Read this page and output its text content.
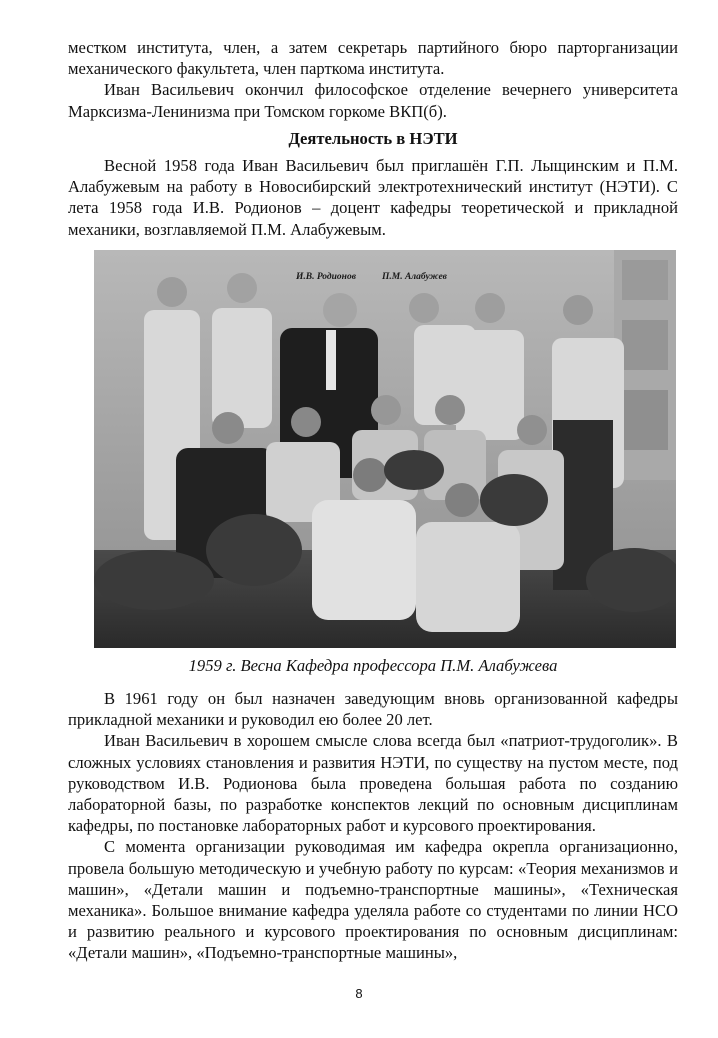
местком института, член, а затем секретарь партийного бюро парторганизации механического факультета, член парткома института.

Иван Васильевич окончил философское отделение вечернего университета Марксизма-Ленинизма при Томском горкоме ВКП(б).

Деятельность в НЭТИ

Весной 1958 года Иван Васильевич был приглашён Г.П. Лыщинским и П.М. Алабужевым на работу в Новосибирский электротехнический институт (НЭТИ). С лета 1958 года И.В. Родионов – доцент кафедры теоретической и прикладной механики, возглавляемой П.М. Алабужевым.

И.В. Родионов	П.М. Алабужев
1959 г. Весна Кафедра профессора П.М. Алабужева

В 1961 году он был назначен заведующим вновь организованной кафедры прикладной механики и руководил ею более 20 лет.

Иван Васильевич в хорошем смысле слова всегда был «патриот-трудоголик». В сложных условиях становления и развития НЭТИ, по существу на пустом месте, под руководством И.В. Родионова была проведена большая работа по созданию лабораторной базы, по разработке конспектов лекций по основным дисциплинам кафедры, по постановке лабораторных работ и курсового проектирования.

С момента организации руководимая им кафедра окрепла организационно, провела большую методическую и учебную работу по курсам: «Теория механизмов и машин», «Детали машин и подъемно-транспортные машины», «Техническая механика». Большое внимание кафедра уделяла работе со студентами по линии НСО и развитию реального и курсового проектирования по основным дисциплинам: «Детали машин», «Подъемно-транспортные машины»,

8
